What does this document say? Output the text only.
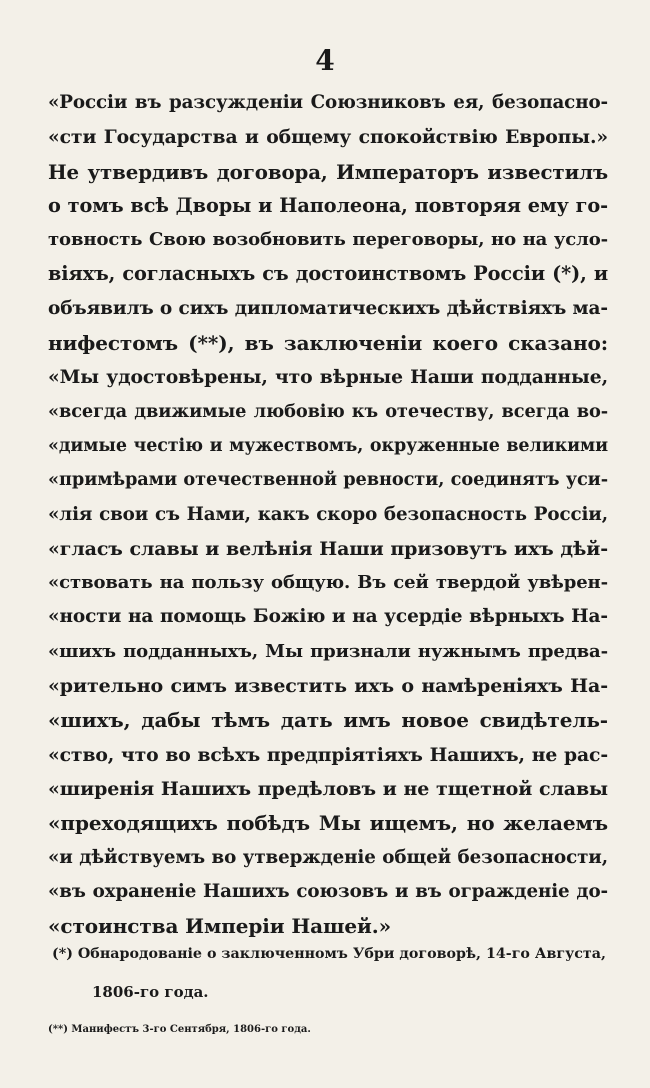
4
«Россіи въ разсужденіи Союзниковъ ея, безопасно-
«сти Государства и общему спокойствію Европы.»
Не утвердивъ договора, Императоръ известилъ
о томъ всѣ Дворы и Наполеона, повторяя ему го-
товность Свою возобновить переговоры, но на усло-
віяхъ, согласныхъ съ достоинствомъ Россіи (*), и
объявилъ о сихъ дипломатическихъ дѣйствіяхъ ма-
нифестомъ (**), въ заключеніи коего сказано:
«Мы удостовѣрены, что вѣрные Наши подданные,
«всегда движимые любовію къ отечеству, всегда во-
«димые честію и мужествомъ, окруженные великими
«примѣрами отечественной ревности, соединятъ уси-
«лія свои съ Нами, какъ скоро безопасность Россіи,
«гласъ славы и велѣнія Наши призовутъ ихъ дѣй-
«ствовать на пользу общую. Въ сей твердой увѣрен-
«ности на помощь Божію и на усердіе вѣрныхъ На-
«шихъ подданныхъ, Мы признали нужнымъ предва-
«рительно симъ известить ихъ о намѣреніяхъ На-
«шихъ, дабы тѣмъ дать имъ новое свидѣтель-
«ство, что во всѣхъ предпріятіяхъ Нашихъ, не рас-
«ширенія Нашихъ предѣловъ и не тщетной славы
«преходящихъ побѣдъ Мы ищемъ, но желаемъ
«и дѣйствуемъ во утвержденіе общей безопасности,
«въ охраненіе Нашихъ союзовъ и въ огражденіе до-
«стоинства Имперіи Нашей.»
(*) Обнародованіе о заключенномъ Убри договорѣ, 14-го Августа,
1806-го года.
(**) Манифестъ 3-го Сентября, 1806-го года.
